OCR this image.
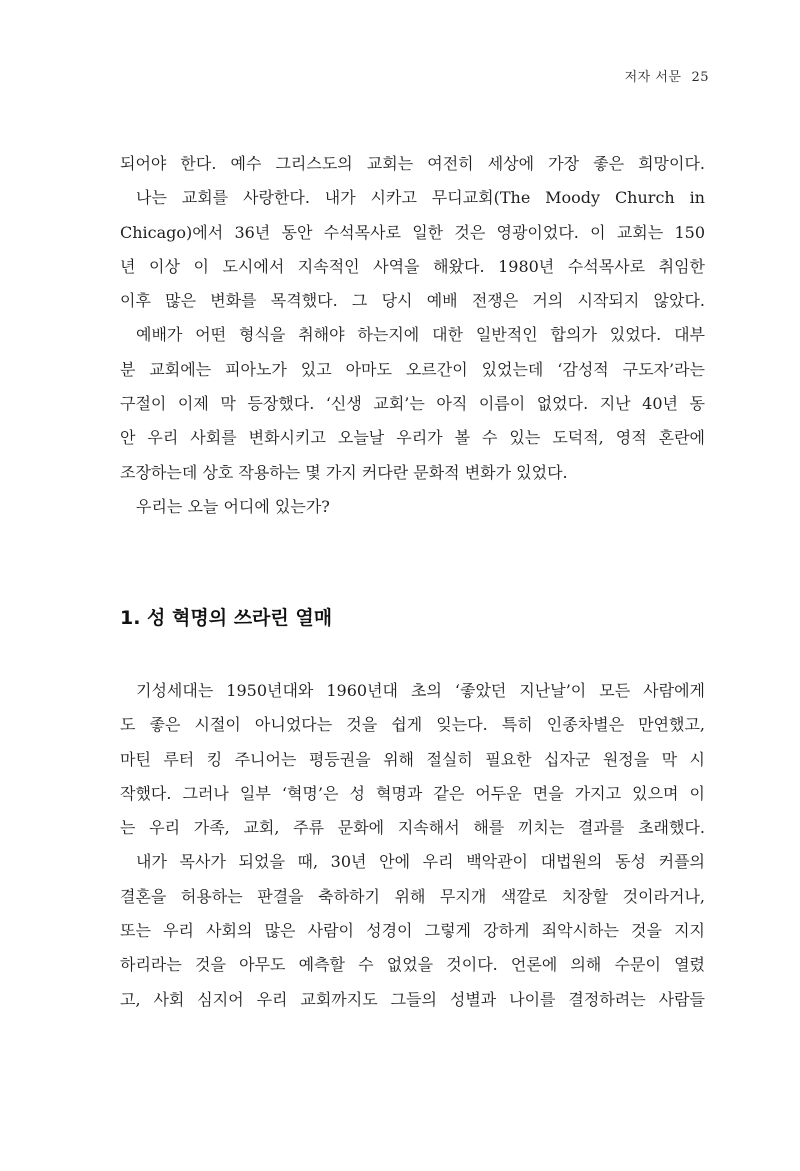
저자 서문 25
되어야 한다. 예수 그리스도의 교회는 여전히 세상에 가장 좋은 희망이다.
나는 교회를 사랑한다. 내가 시카고 무디교회(The Moody Church in
Chicago)에서 36년 동안 수석목사로 일한 것은 영광이었다. 이 교회는 150
년 이상 이 도시에서 지속적인 사역을 해왔다. 1980년 수석목사로 취임한
이후 많은 변화를 목격했다. 그 당시 예배 전쟁은 거의 시작되지 않았다.
예배가 어떤 형식을 취해야 하는지에 대한 일반적인 합의가 있었다. 대부
분 교회에는 피아노가 있고 아마도 오르간이 있었는데 ‘감성적 구도자’라는
구절이 이제 막 등장했다. ‘신생 교회’는 아직 이름이 없었다. 지난 40년 동
안 우리 사회를 변화시키고 오늘날 우리가 볼 수 있는 도덕적, 영적 혼란에
조장하는데 상호 작용하는 몇 가지 커다란 문화적 변화가 있었다.
우리는 오늘 어디에 있는가?
1. 성 혁명의 쓰라린 열매
기성세대는 1950년대와 1960년대 초의 ‘좋았던 지난날’이 모든 사람에게
도 좋은 시절이 아니었다는 것을 쉽게 잊는다. 특히 인종차별은 만연했고,
마틴 루터 킹 주니어는 평등권을 위해 절실히 필요한 십자군 원정을 막 시
작했다. 그러나 일부 ‘혁명’은 성 혁명과 같은 어두운 면을 가지고 있으며 이
는 우리 가족, 교회, 주류 문화에 지속해서 해를 끼치는 결과를 초래했다.
내가 목사가 되었을 때, 30년 안에 우리 백악관이 대법원의 동성 커플의
결혼을 허용하는 판결을 축하하기 위해 무지개 색깔로 치장할 것이라거나,
또는 우리 사회의 많은 사람이 성경이 그렇게 강하게 죄악시하는 것을 지지
하리라는 것을 아무도 예측할 수 없었을 것이다. 언론에 의해 수문이 열렸
고, 사회 심지어 우리 교회까지도 그들의 성별과 나이를 결정하려는 사람들
